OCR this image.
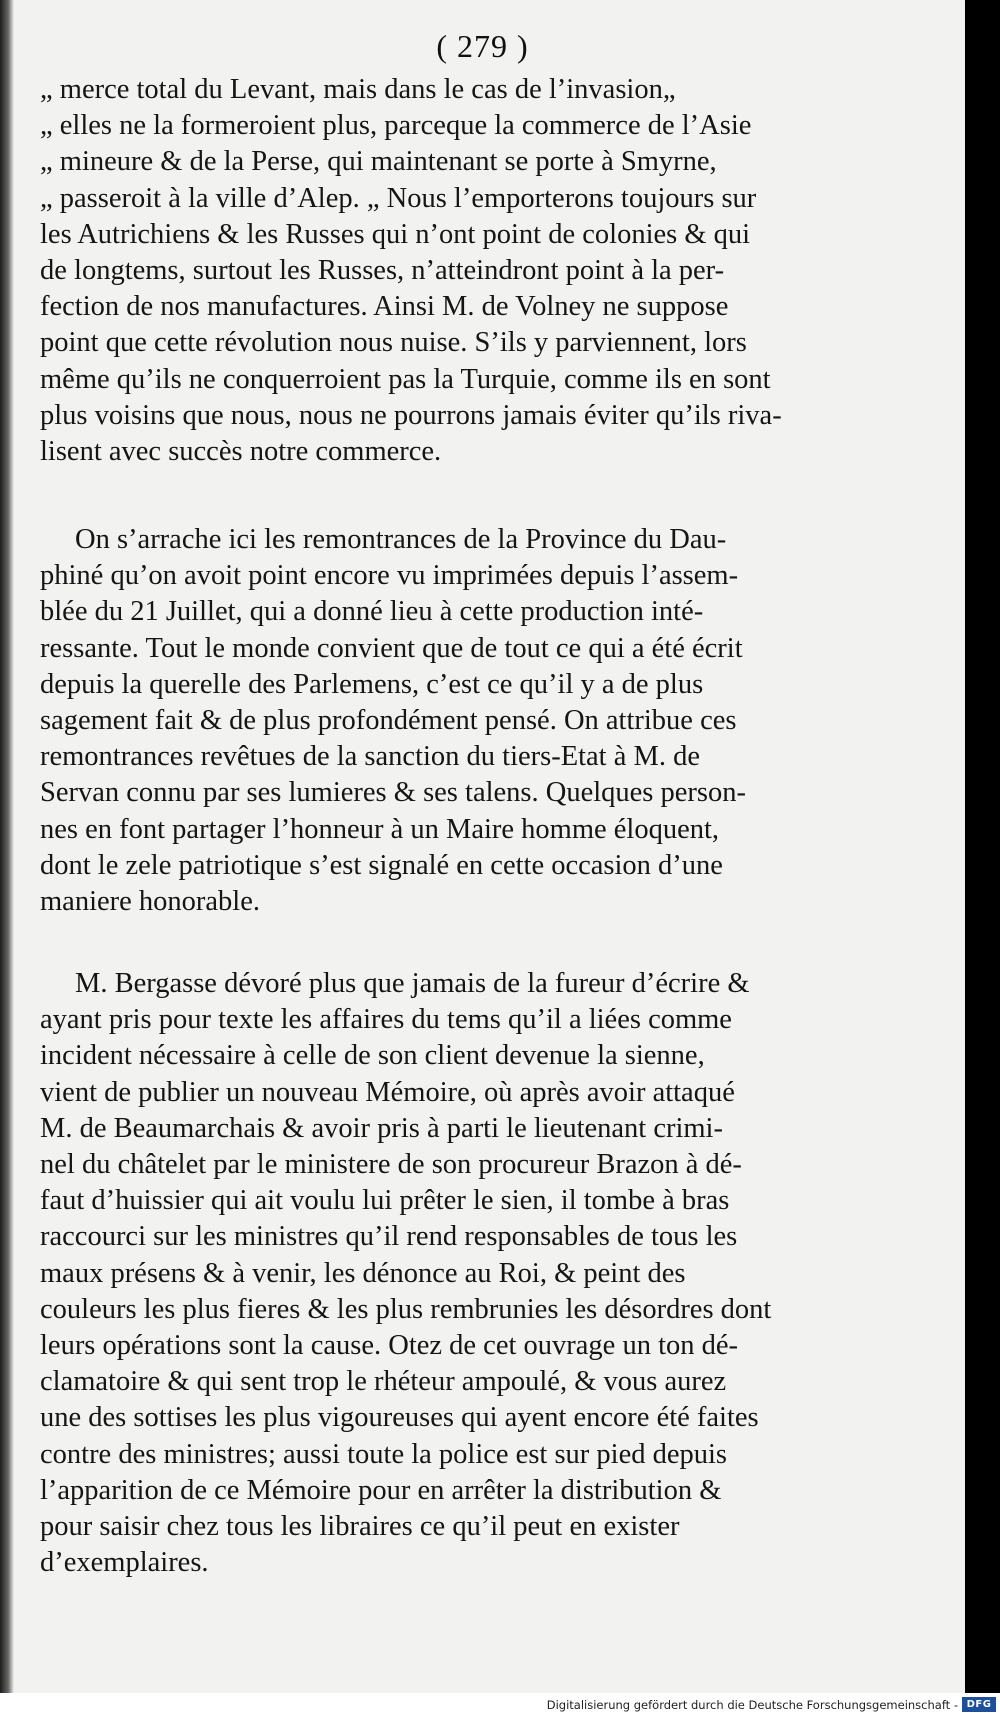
( 279 )
„ merce total du Levant, mais dans le cas de l’invasion„
„ elles ne la formeroient plus, parceque la commerce de l’Asie
„ mineure & de la Perse, qui maintenant se porte à Smyrne,
„ passeroit à la ville d’Alep. „ Nous l’emporterons toujours sur
les Autrichiens & les Russes qui n’ont point de colonies & qui
de longtems, surtout les Russes, n’atteindront point à la per-
fection de nos manufactures. Ainsi M. de Volney ne suppose
point que cette révolution nous nuise. S’ils y parviennent, lors
même qu’ils ne conquerroient pas la Turquie, comme ils en sont
plus voisins que nous, nous ne pourrons jamais éviter qu’ils riva-
lisent avec succès notre commerce.
On s’arrache ici les remontrances de la Province du Dau-
phiné qu’on avoit point encore vu imprimées depuis l’assem-
blée du 21 Juillet, qui a donné lieu à cette production inté-
ressante. Tout le monde convient que de tout ce qui a été écrit
depuis la querelle des Parlemens, c’est ce qu’il y a de plus
sagement fait & de plus profondément pensé. On attribue ces
remontrances revêtues de la sanction du tiers-Etat à M. de
Servan connu par ses lumieres & ses talens. Quelques person-
nes en font partager l’honneur à un Maire homme éloquent,
dont le zele patriotique s’est signalé en cette occasion d’une
maniere honorable.
M. Bergasse dévoré plus que jamais de la fureur d’écrire &
ayant pris pour texte les affaires du tems qu’il a liées comme
incident nécessaire à celle de son client devenue la sienne,
vient de publier un nouveau Mémoire, où après avoir attaqué
M. de Beaumarchais & avoir pris à parti le lieutenant crimi-
nel du châtelet par le ministere de son procureur Brazon à dé-
faut d’huissier qui ait voulu lui prêter le sien, il tombe à bras
raccourci sur les ministres qu’il rend responsables de tous les
maux présens & à venir, les dénonce au Roi, & peint des
couleurs les plus fieres & les plus rembrunies les désordres dont
leurs opérations sont la cause. Otez de cet ouvrage un ton dé-
clamatoire & qui sent trop le rhéteur ampoulé, & vous aurez
une des sottises les plus vigoureuses qui ayent encore été faites
contre des ministres; aussi toute la police est sur pied depuis
l’apparition de ce Mémoire pour en arrêter la distribution &
pour saisir chez tous les libraires ce qu’il peut en exister
d’exemplaires.
Digitalisierung gefördert durch die Deutsche Forschungsgemeinschaft - DFG
